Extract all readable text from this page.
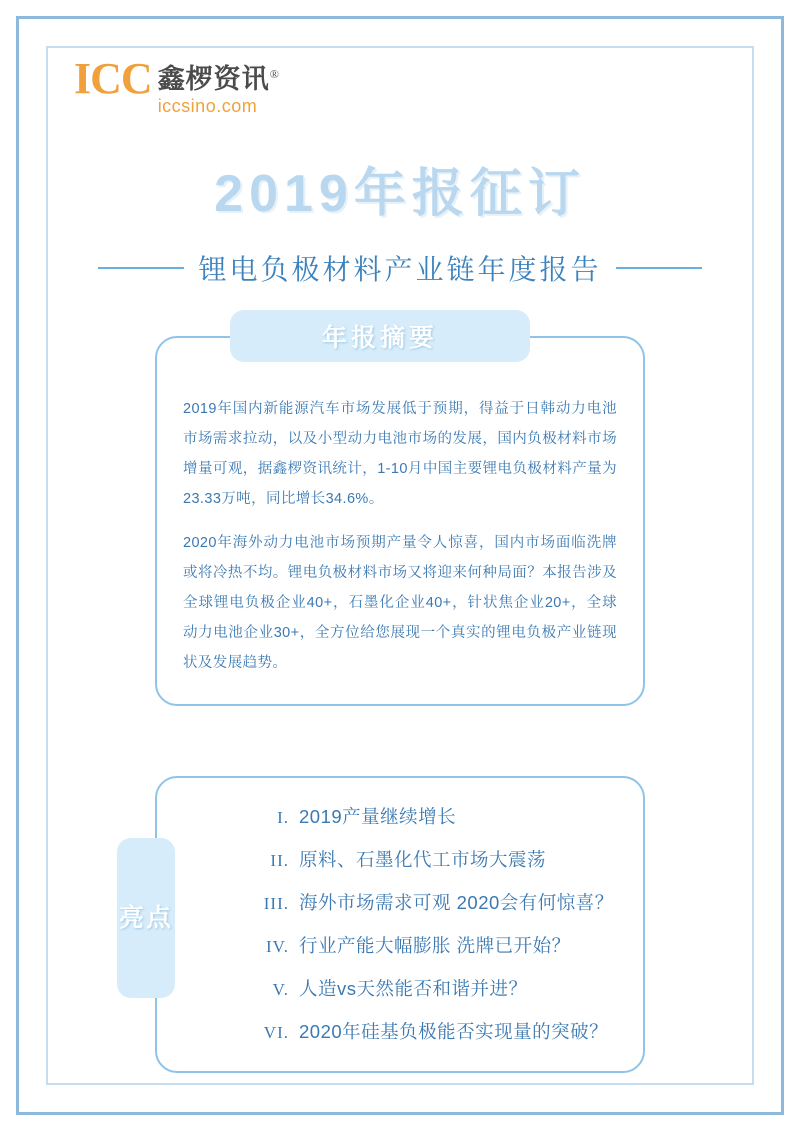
ICC 鑫椤资讯®
iccsino.com
2019年报征订
锂电负极材料产业链年度报告
年报摘要

2019年国内新能源汽车市场发展低于预期，得益于日韩动力电池市场需求拉动，以及小型动力电池市场的发展，国内负极材料市场增量可观，据鑫椤资讯统计，1-10月中国主要锂电负极材料产量为23.33万吨，同比增长34.6%。

2020年海外动力电池市场预期产量令人惊喜，国内市场面临洗牌或将冷热不均。锂电负极材料市场又将迎来何种局面？本报告涉及全球锂电负极企业40+，石墨化企业40+，针状焦企业20+，全球动力电池企业30+，全方位给您展现一个真实的锂电负极产业链现状及发展趋势。

亮点
I. 2019产量继续增长
II. 原料、石墨化代工市场大震荡
III. 海外市场需求可观 2020会有何惊喜？
IV. 行业产能大幅膨胀 洗牌已开始？
V. 人造vs天然能否和谐并进？
VI. 2020年硅基负极能否实现量的突破？
